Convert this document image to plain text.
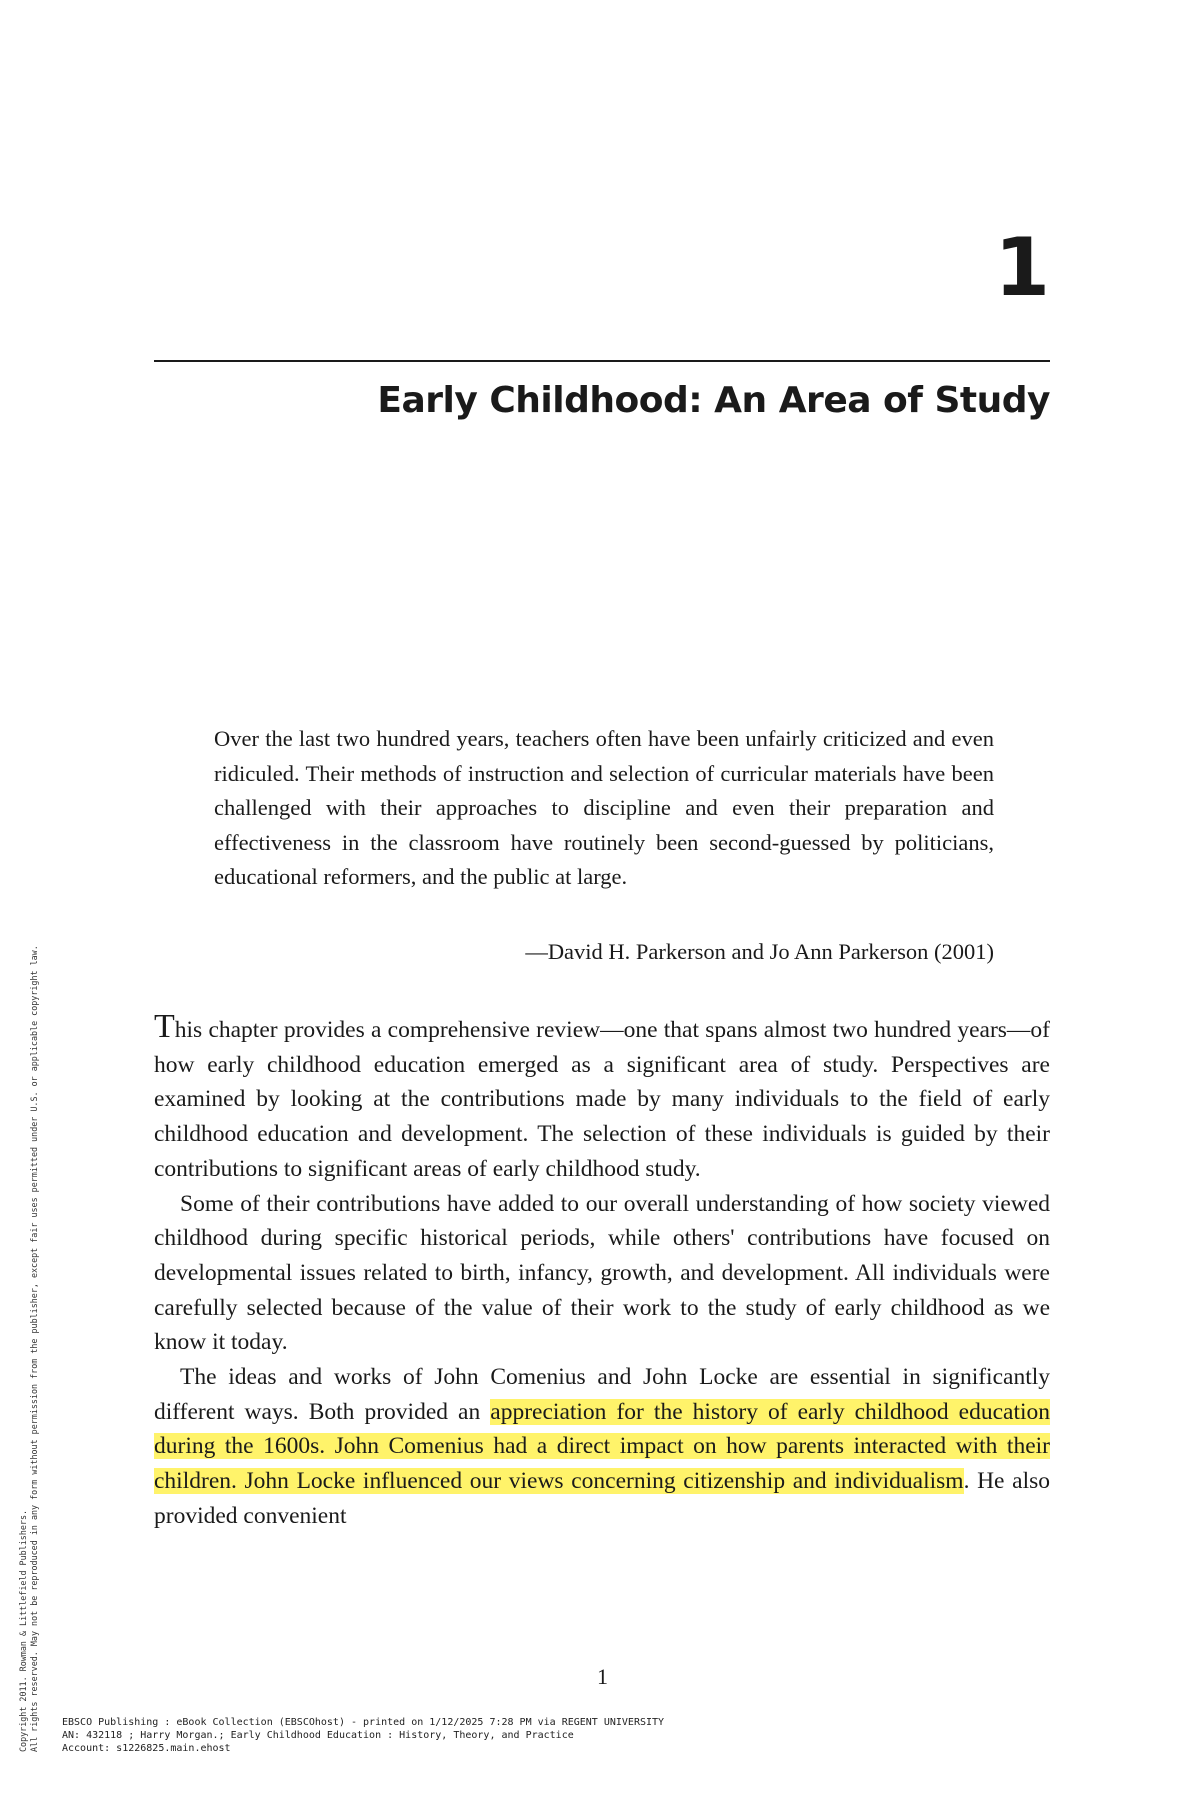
Copyright 2011. Rowman & Littlefield Publishers. All rights reserved. May not be reproduced in any form without permission from the publisher, except fair uses permitted under U.S. or applicable copyright law.
1
Early Childhood: An Area of Study

Over the last two hundred years, teachers often have been unfairly criticized and even ridiculed. Their methods of instruction and selection of curricular materials have been challenged with their approaches to discipline and even their preparation and effectiveness in the classroom have routinely been second-guessed by politicians, educational reformers, and the public at large.

—David H. Parkerson and Jo Ann Parkerson (2001)

This chapter provides a comprehensive review—one that spans almost two hundred years—of how early childhood education emerged as a significant area of study. Perspectives are examined by looking at the contributions made by many individuals to the field of early childhood education and development. The selection of these individuals is guided by their contributions to significant areas of early childhood study.

Some of their contributions have added to our overall understanding of how society viewed childhood during specific historical periods, while others' contributions have focused on developmental issues related to birth, infancy, growth, and development. All individuals were carefully selected because of the value of their work to the study of early childhood as we know it today.

The ideas and works of John Comenius and John Locke are essential in significantly different ways. Both provided an appreciation for the history of early childhood education during the 1600s. John Comenius had a direct impact on how parents interacted with their children. John Locke influenced our views concerning citizenship and individualism. He also provided convenient

1

EBSCO Publishing : eBook Collection (EBSCOhost) - printed on 1/12/2025 7:28 PM via REGENT UNIVERSITY
AN: 432118 ; Harry Morgan.; Early Childhood Education : History, Theory, and Practice
Account: s1226825.main.ehost
